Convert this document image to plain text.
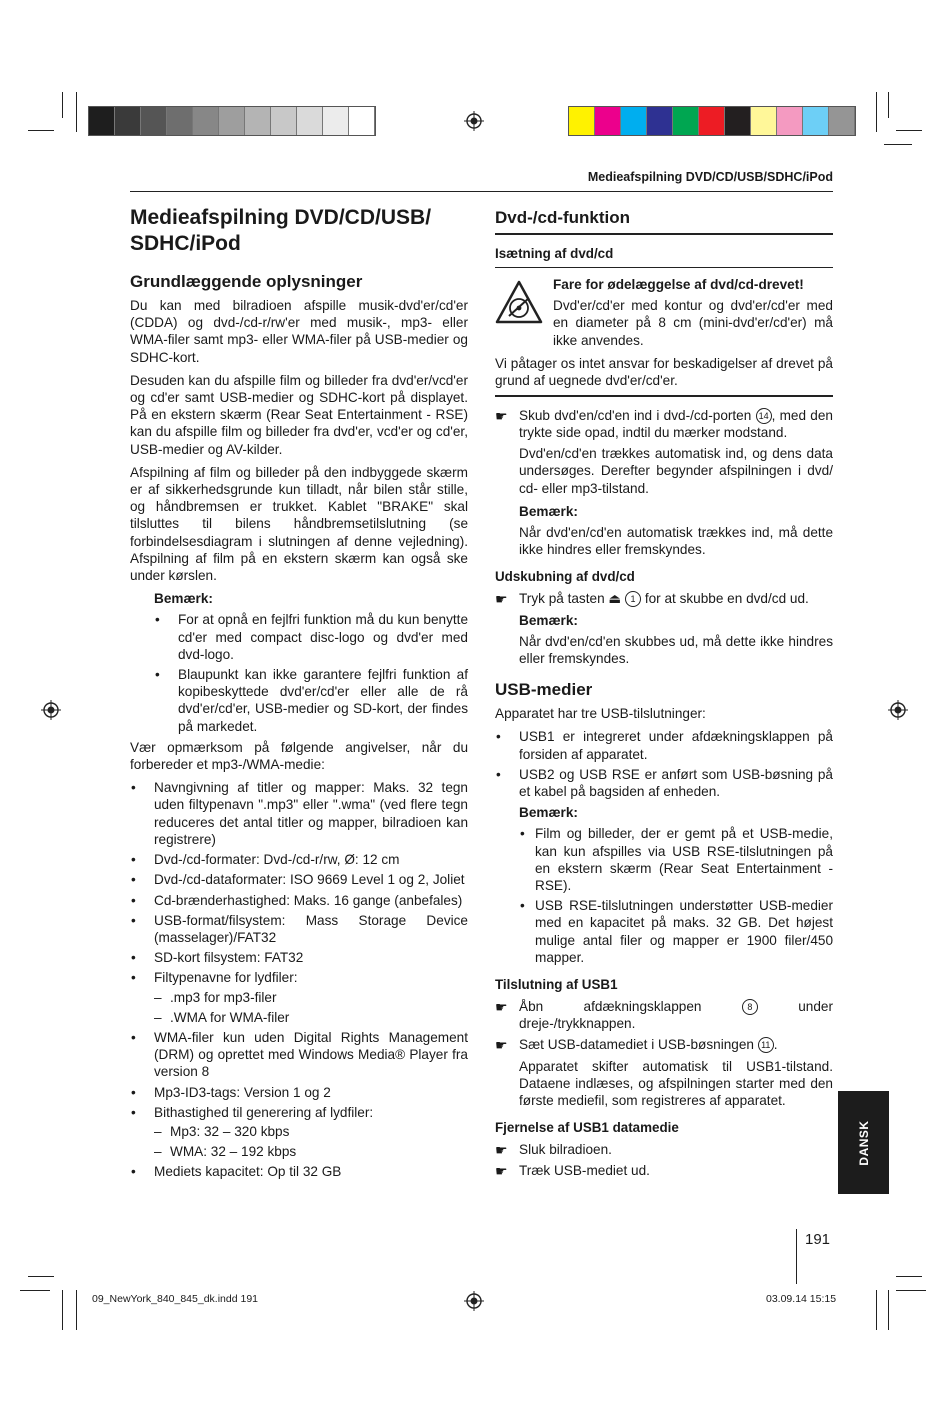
Medieafspilning DVD/CD/USB/SDHC/iPod
Medieafspilning DVD/CD/USB/ SDHC/iPod
Grundlæggende oplysninger

Du kan med bilradioen afspille musik-dvd'er/cd'er (CDDA) og dvd-/cd-r/rw'er med musik-, mp3- eller WMA-filer samt mp3- eller WMA-filer på USB-medier og SDHC-kort.

Desuden kan du afspille film og billeder fra dvd'er/vcd'er og cd'er samt USB-medier og SDHC-kort på displayet. På en ekstern skærm (Rear Seat Entertainment - RSE) kan du afspille film og billeder fra dvd'er, vcd'er og cd'er, USB-medier og AV-kilder.

Afspilning af film og billeder på den indbyggede skærm er af sikkerhedsgrunde kun tilladt, når bilen står stille, og håndbremsen er trukket. Kablet "BRAKE" skal tilsluttes til bilens håndbremsetilslutning (se forbindelsesdiagram i slutningen af denne vejledning). Afspilning af film på en ekstern skærm kan også ske under kørslen.

Bemærk:
• For at opnå en fejlfri funktion må du kun benytte cd'er med compact disc-logo og dvd'er med dvd-logo.
• Blaupunkt kan ikke garantere fejlfri funktion af kopibeskyttede dvd'er/cd'er eller alle de rå dvd'er/cd'er, USB-medier og SD-kort, der findes på markedet.

Vær opmærksom på følgende angivelser, når du forbereder et mp3-/WMA-medie:

• Navngivning af titler og mapper: Maks. 32 tegn uden filtypenavn ".mp3" eller ".wma" (ved flere tegn reduceres det antal titler og mapper, bilradioen kan registrere)
• Dvd-/cd-formater: Dvd-/cd-r/rw, Ø: 12 cm
• Dvd-/cd-dataformater: ISO 9669 Level 1 og 2, Joliet
• Cd-brænderhastighed: Maks. 16 gange (anbefales)
• USB-format/filsystem: Mass Storage Device (masselager)/FAT32
• SD-kort filsystem: FAT32
• Filtypenavne for lydfiler:
– .mp3 for mp3-filer
– .WMA for WMA-filer
• WMA-filer kun uden Digital Rights Management (DRM) og oprettet med Windows Media® Player fra version 8
• Mp3-ID3-tags: Version 1 og 2
• Bithastighed til generering af lydfiler:
– Mp3: 32 – 320 kbps
– WMA: 32 – 192 kbps
• Mediets kapacitet: Op til 32 GB
Dvd-/cd-funktion
Isætning af dvd/cd
Fare for ødelæggelse af dvd/cd-drevet!

Dvd'er/cd'er med kontur og dvd'er/cd'er med en diameter på 8 cm (mini-dvd'er/cd'er) må ikke anvendes.

Vi påtager os intet ansvar for beskadigelser af drevet på grund af uegnede dvd'er/cd'er.

☛ Skub dvd'en/cd'en ind i dvd-/cd-porten 14 , med den trykte side opad, indtil du mærker modstand.

Dvd'en/cd'en trækkes automatisk ind, og dens data undersøges. Derefter begynder afspilningen i dvd/ cd- eller mp3-tilstand.

Bemærk:

Når dvd'en/cd'en automatisk trækkes ind, må dette ikke hindres eller fremskyndes.

Udskubning af dvd/cd
☛ Tryk på tasten ⏏ 1 for at skubbe en dvd/cd ud.
Bemærk:

Når dvd'en/cd'en skubbes ud, må dette ikke hindres eller fremskyndes.

USB-medier

Apparatet har tre USB-tilslutninger:

• USB1 er integreret under afdækningsklappen på forsiden af apparatet.
• USB2 og USB RSE er anført som USB-bøsning på et kabel på bagsiden af enheden.
Bemærk:
• Film og billeder, der er gemt på et USB-medie, kan kun afspilles via USB RSE-tilslutningen på en ekstern skærm (Rear Seat Entertainment - RSE).
• USB RSE-tilslutningen understøtter USB-medier med en kapacitet på maks. 32 GB. Det højest mulige antal filer og mapper er 1900 filer/450 mapper.
Tilslutning af USB1
☛ Åbn afdækningsklappen	8	under dreje-/trykknappen.
☛ Sæt USB-datamediet i USB-bøsningen 11 .

Apparatet skifter automatisk til USB1-tilstand. Dataene indlæses, og afspilningen starter med den første mediefil, som registreres af apparatet.

Fjernelse af USB1 datamedie
☛ Sluk bilradioen.
☛ Træk USB-mediet ud.
DANSK
191
09_NewYork_840_845_dk.indd 191	03.09.14 15:15
